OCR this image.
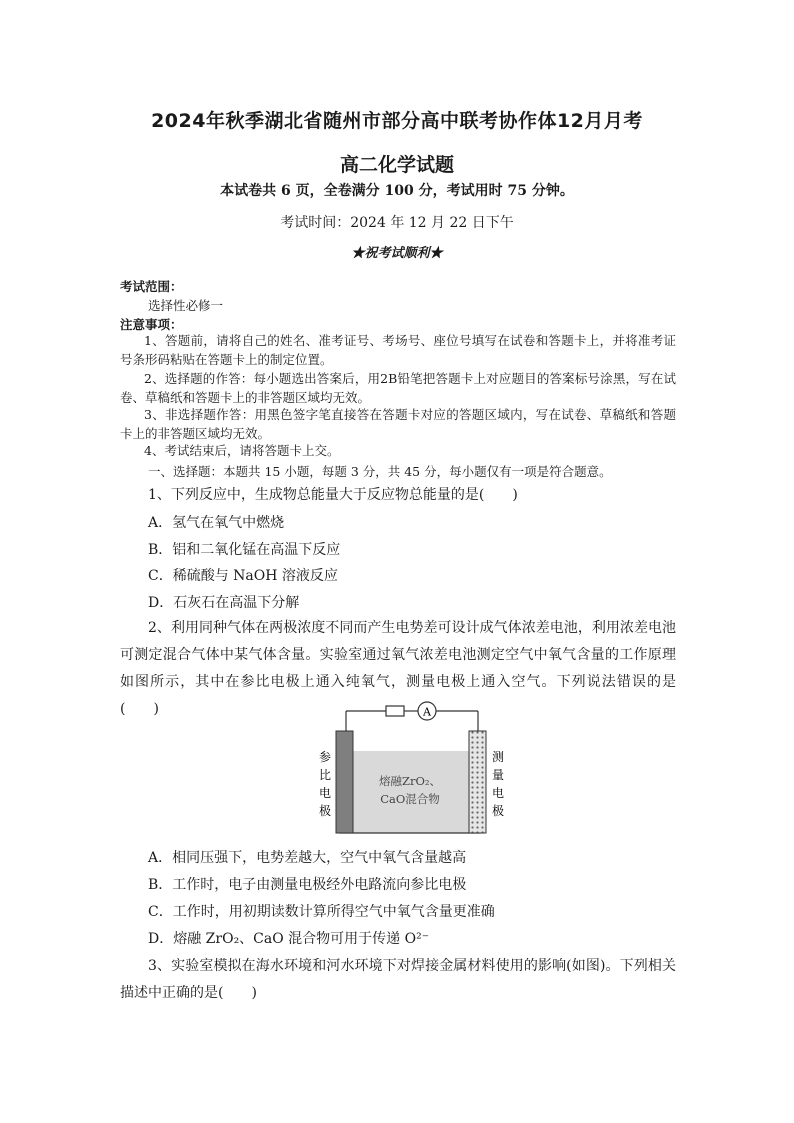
2024年秋季湖北省随州市部分高中联考协作体12月月考
高二化学试题
本试卷共 6 页，全卷满分 100 分，考试用时 75 分钟。
考试时间：2024 年 12 月 22 日下午
★祝考试顺利★
考试范围：
选择性必修一
注意事项：
1、答题前，请将自己的姓名、准考证号、考场号、座位号填写在试卷和答题卡上，并将准考证号条形码粘贴在答题卡上的制定位置。
2、选择题的作答：每小题选出答案后，用2B铅笔把答题卡上对应题目的答案标号涂黑，写在试卷、草稿纸和答题卡上的非答题区域均无效。
3、非选择题作答：用黑色签字笔直接答在答题卡对应的答题区域内，写在试卷、草稿纸和答题卡上的非答题区域均无效。
4、考试结束后，请将答题卡上交。
一、选择题：本题共 15 小题，每题 3 分，共 45 分，每小题仅有一项是符合题意。
1、下列反应中，生成物总能量大于反应物总能量的是(　　)
A．氢气在氧气中燃烧
B．铝和二氧化锰在高温下反应
C．稀硫酸与 NaOH 溶液反应
D．石灰石在高温下分解
2、利用同种气体在两极浓度不同而产生电势差可设计成气体浓差电池，利用浓差电池可测定混合气体中某气体含量。实验室通过氧气浓差电池测定空气中氧气含量的工作原理如图所示，其中在参比电极上通入纯氧气，测量电极上通入空气。下列说法错误的是(　　)	A
熔融ZrO₂、
CaO混合物
参
比
电
极
测
量
电
极
A．相同压强下，电势差越大，空气中氧气含量越高
B．工作时，电子由测量电极经外电路流向参比电极
C．工作时，用初期读数计算所得空气中氧气含量更准确
D．熔融 ZrO₂、CaO 混合物可用于传递 O²⁻
3、实验室模拟在海水环境和河水环境下对焊接金属材料使用的影响(如图)。下列相关描述中正确的是(　　)
